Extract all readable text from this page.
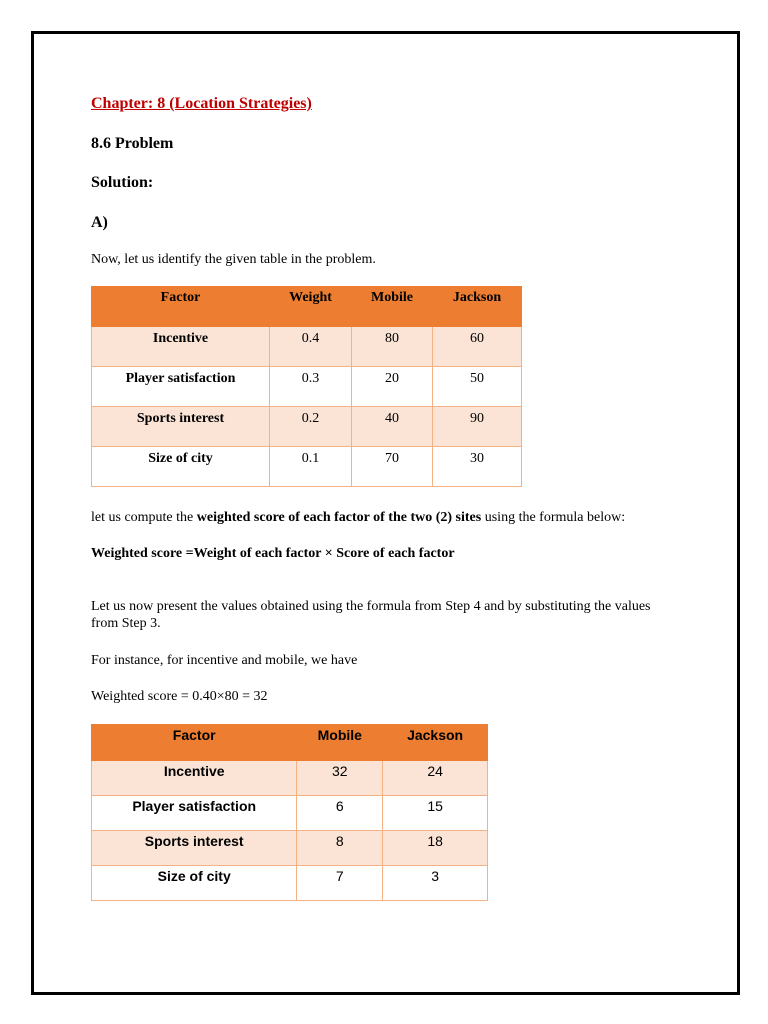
Chapter: 8 (Location Strategies)
8.6 Problem
Solution:
A)
Now, let us identify the given table in the problem.
Factor	Weight	Mobile	Jackson
Incentive	0.4	80	60
Player satisfaction	0.3	20	50
Sports interest	0.2	40	90
Size of city	0.1	70	30
let us compute the weighted score of each factor of the two (2) sites using the formula below:
Weighted score =Weight of each factor × Score of each factor
Let us now present the values obtained using the formula from Step 4 and by substituting the values from Step 3.
For instance, for incentive and mobile, we have
Weighted score = 0.40×80 = 32
Factor	Mobile	Jackson
Incentive	32	24
Player satisfaction	6	15
Sports interest	8	18
Size of city	7	3
